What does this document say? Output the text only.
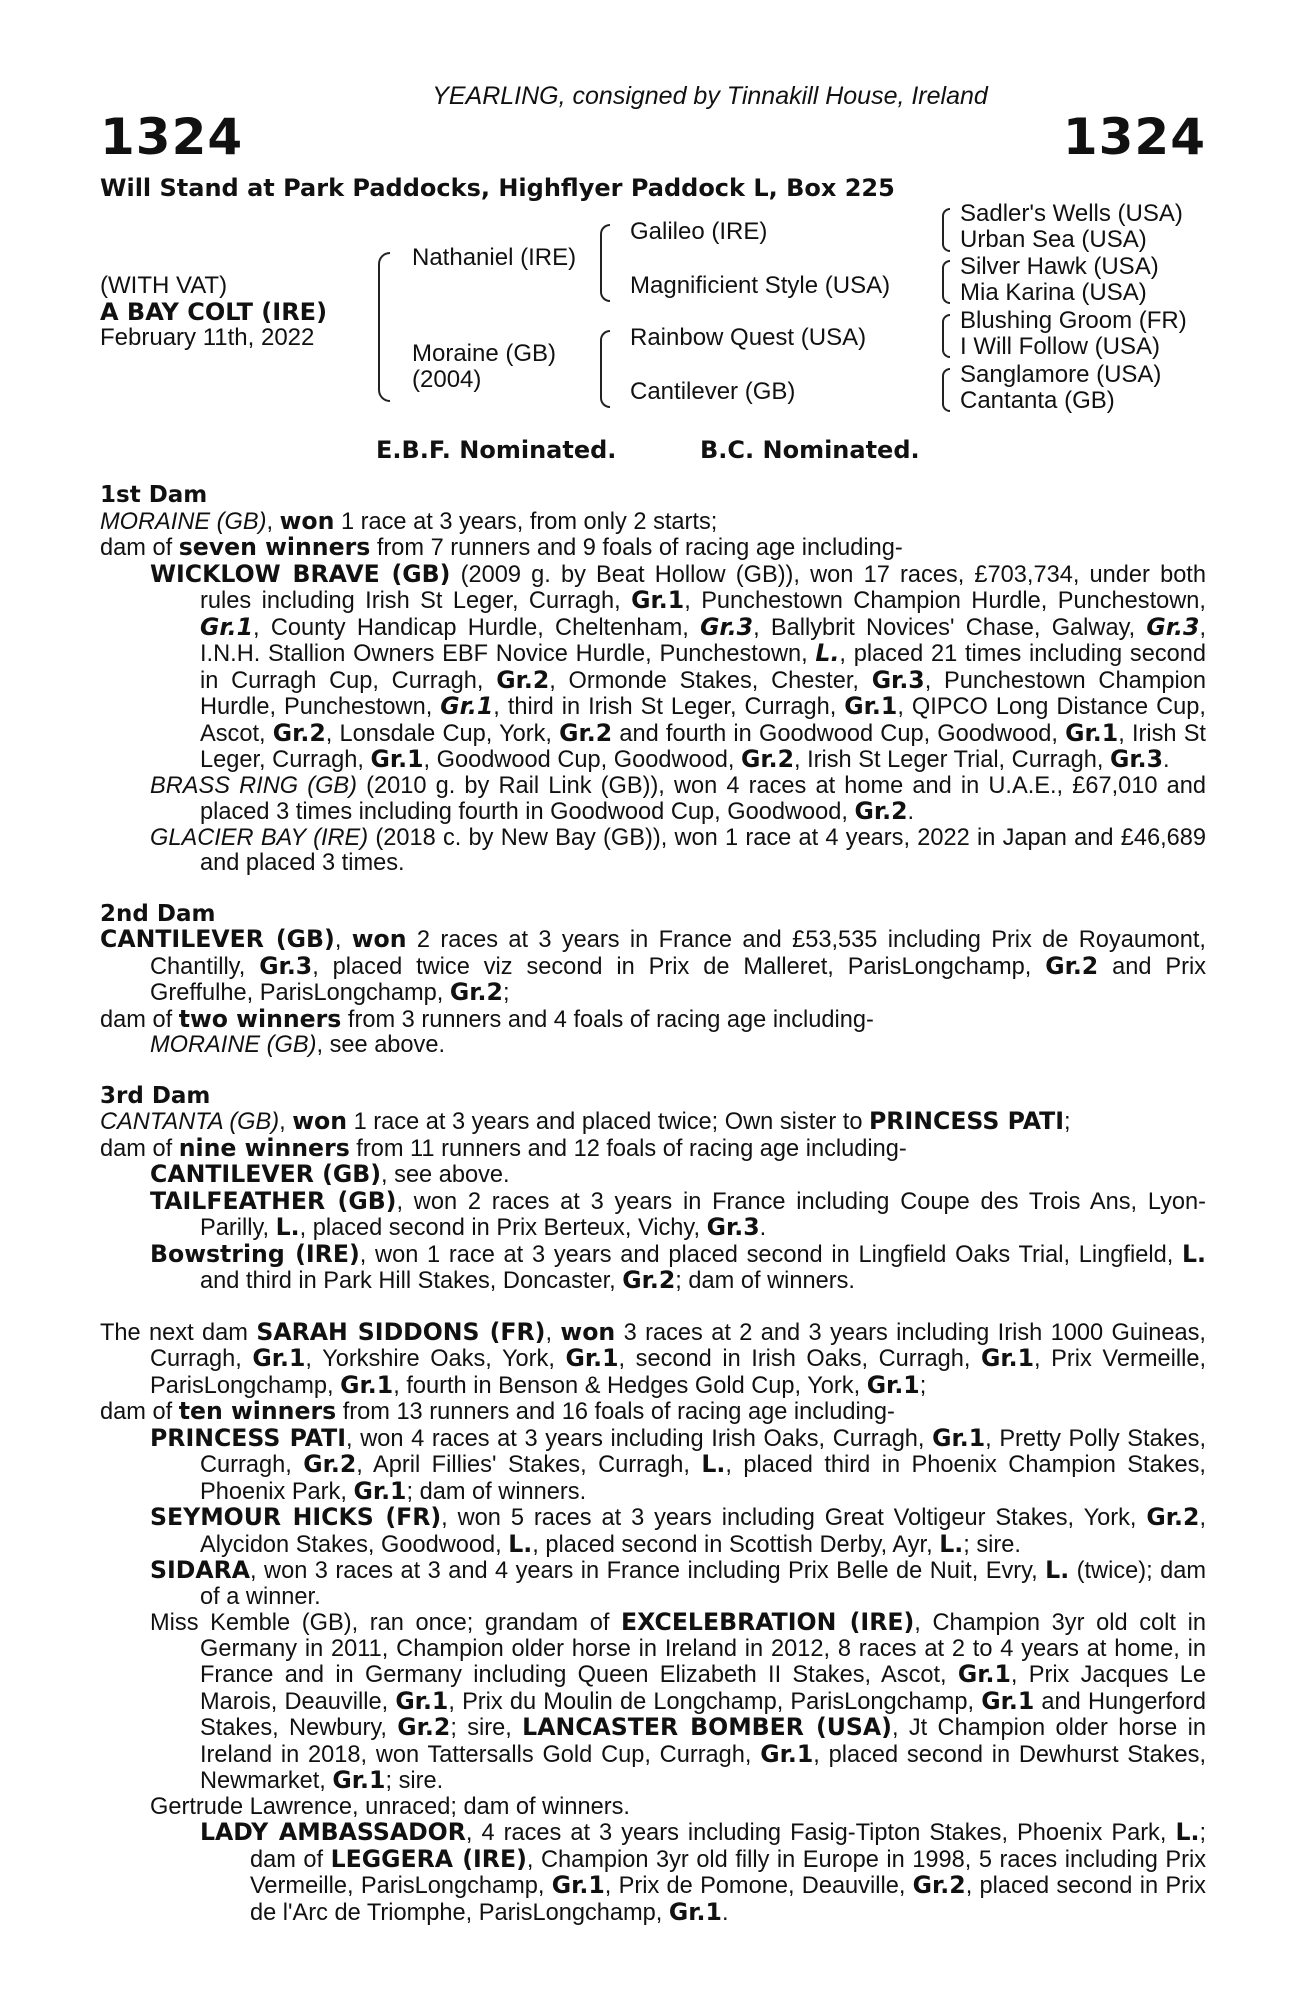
YEARLING, consigned by Tinnakill House, Ireland
1324	1324
Will Stand at Park Paddocks, Highflyer Paddock L, Box 225
(WITH VAT)
A BAY COLT (IRE)
February 11th, 2022
Nathaniel (IRE)
Moraine (GB)
(2004)
Galileo (IRE)
Magnificient Style (USA)
Rainbow Quest (USA)
Cantilever (GB)
Sadler's Wells (USA)
Urban Sea (USA)
Silver Hawk (USA)
Mia Karina (USA)
Blushing Groom (FR)
I Will Follow (USA)
Sanglamore (USA)
Cantanta (GB)
E.B.F. Nominated.	B.C. Nominated.
1st Dam

MORAINE (GB), won 1 race at 3 years, from only 2 starts;

dam of seven winners from 7 runners and 9 foals of racing age including-

WICKLOW BRAVE (GB) (2009 g. by Beat Hollow (GB)), won 17 races, £703,734, under both rules including Irish St Leger, Curragh, Gr.1, Punchestown Champion Hurdle, Punchestown, Gr.1, County Handicap Hurdle, Cheltenham, Gr.3, Ballybrit Novices' Chase, Galway, Gr.3, I.N.H. Stallion Owners EBF Novice Hurdle, Punchestown, L., placed 21 times including second in Curragh Cup, Curragh, Gr.2, Ormonde Stakes, Chester, Gr.3, Punchestown Champion Hurdle, Punchestown, Gr.1, third in Irish St Leger, Curragh, Gr.1, QIPCO Long Distance Cup, Ascot, Gr.2, Lonsdale Cup, York, Gr.2 and fourth in Goodwood Cup, Goodwood, Gr.1, Irish St Leger, Curragh, Gr.1, Goodwood Cup, Goodwood, Gr.2, Irish St Leger Trial, Curragh, Gr.3.

BRASS RING (GB) (2010 g. by Rail Link (GB)), won 4 races at home and in U.A.E., £67,010 and placed 3 times including fourth in Goodwood Cup, Goodwood, Gr.2.

GLACIER BAY (IRE) (2018 c. by New Bay (GB)), won 1 race at 4 years, 2022 in Japan and £46,689 and placed 3 times.

2nd Dam

CANTILEVER (GB), won 2 races at 3 years in France and £53,535 including Prix de Royaumont, Chantilly, Gr.3, placed twice viz second in Prix de Malleret, ParisLongchamp, Gr.2 and Prix Greffulhe, ParisLongchamp, Gr.2;

dam of two winners from 3 runners and 4 foals of racing age including-

MORAINE (GB), see above.

3rd Dam

CANTANTA (GB), won 1 race at 3 years and placed twice; Own sister to PRINCESS PATI;

dam of nine winners from 11 runners and 12 foals of racing age including-

CANTILEVER (GB), see above.

TAILFEATHER (GB), won 2 races at 3 years in France including Coupe des Trois Ans, Lyon-Parilly, L., placed second in Prix Berteux, Vichy, Gr.3.

Bowstring (IRE), won 1 race at 3 years and placed second in Lingfield Oaks Trial, Lingfield, L. and third in Park Hill Stakes, Doncaster, Gr.2; dam of winners.

The next dam SARAH SIDDONS (FR), won 3 races at 2 and 3 years including Irish 1000 Guineas, Curragh, Gr.1, Yorkshire Oaks, York, Gr.1, second in Irish Oaks, Curragh, Gr.1, Prix Vermeille, ParisLongchamp, Gr.1, fourth in Benson & Hedges Gold Cup, York, Gr.1;

dam of ten winners from 13 runners and 16 foals of racing age including-

PRINCESS PATI, won 4 races at 3 years including Irish Oaks, Curragh, Gr.1, Pretty Polly Stakes, Curragh, Gr.2, April Fillies' Stakes, Curragh, L., placed third in Phoenix Champion Stakes, Phoenix Park, Gr.1; dam of winners.

SEYMOUR HICKS (FR), won 5 races at 3 years including Great Voltigeur Stakes, York, Gr.2, Alycidon Stakes, Goodwood, L., placed second in Scottish Derby, Ayr, L.; sire.

SIDARA, won 3 races at 3 and 4 years in France including Prix Belle de Nuit, Evry, L. (twice); dam of a winner.

Miss Kemble (GB), ran once; grandam of EXCELEBRATION (IRE), Champion 3yr old colt in Germany in 2011, Champion older horse in Ireland in 2012, 8 races at 2 to 4 years at home, in France and in Germany including Queen Elizabeth II Stakes, Ascot, Gr.1, Prix Jacques Le Marois, Deauville, Gr.1, Prix du Moulin de Longchamp, ParisLongchamp, Gr.1 and Hungerford Stakes, Newbury, Gr.2; sire, LANCASTER BOMBER (USA), Jt Champion older horse in Ireland in 2018, won Tattersalls Gold Cup, Curragh, Gr.1, placed second in Dewhurst Stakes, Newmarket, Gr.1; sire.

Gertrude Lawrence, unraced; dam of winners.

LADY AMBASSADOR, 4 races at 3 years including Fasig-Tipton Stakes, Phoenix Park, L.; dam of LEGGERA (IRE), Champion 3yr old filly in Europe in 1998, 5 races including Prix Vermeille, ParisLongchamp, Gr.1, Prix de Pomone, Deauville, Gr.2, placed second in Prix de l'Arc de Triomphe, ParisLongchamp, Gr.1.
